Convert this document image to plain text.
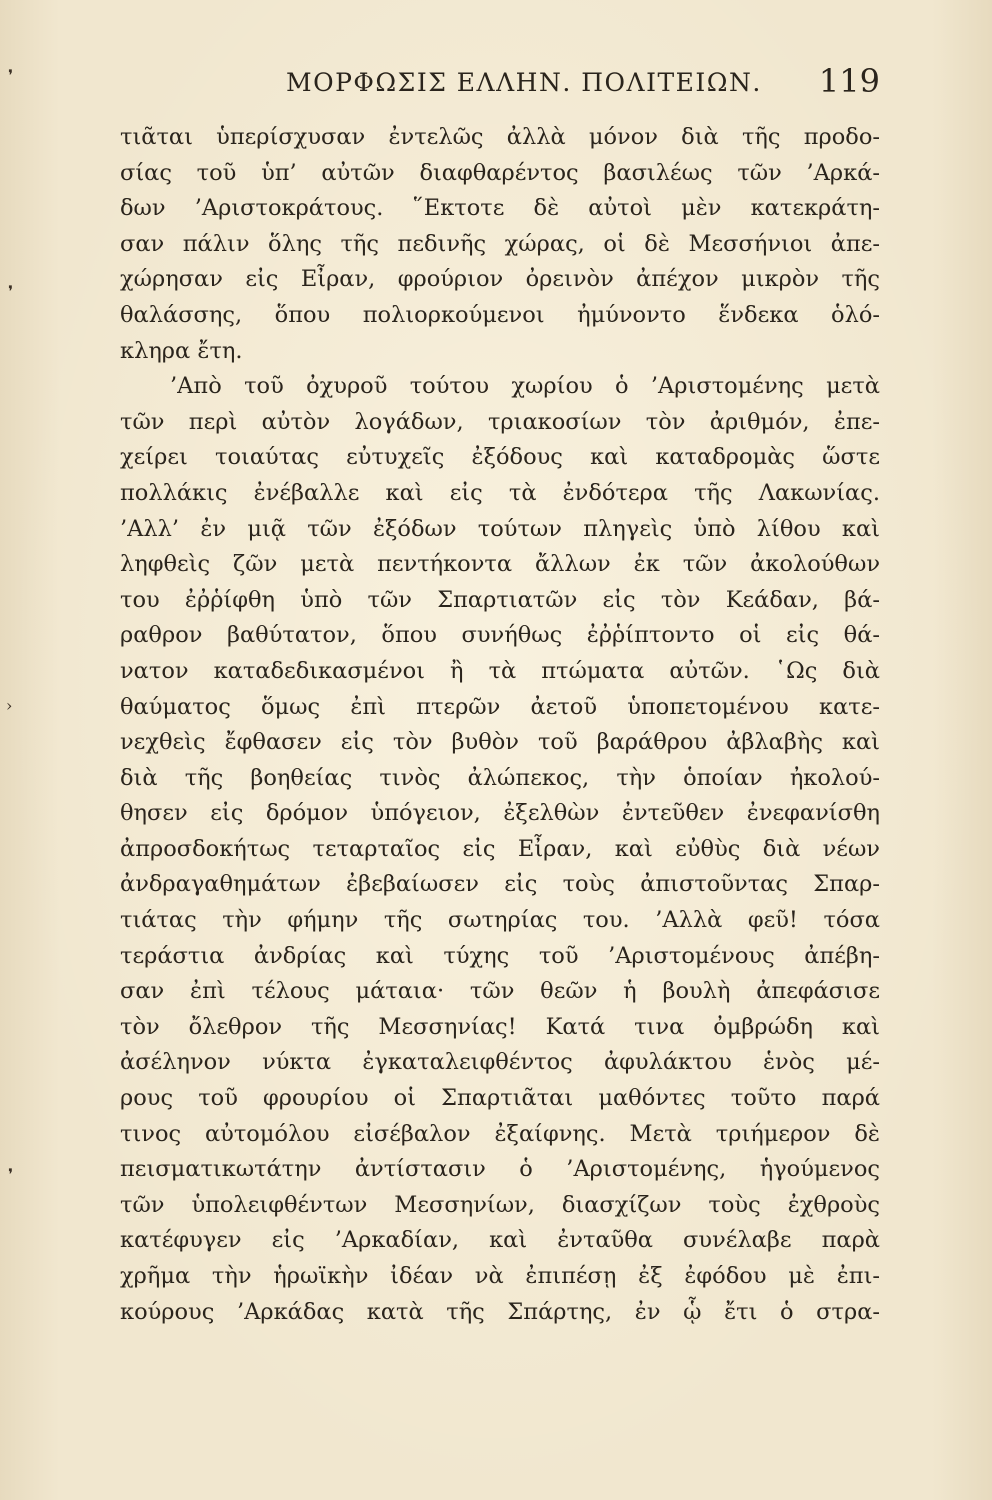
❜
❜
›
❜
ΜΟΡΦΩΣΙΣ ΕΛΛΗΝ. ΠΟΛΙΤΕΙΩΝ. 119
τιᾶται ὑπερίσχυσαν ἐντελῶς ἀλλὰ μόνον διὰ τῆς προδο-
σίας τοῦ ὑπ’ αὐτῶν διαφθαρέντος βασιλέως τῶν ’Αρκά-
δων ’Αριστοκράτους. ῞Εκτοτε δὲ αὐτοὶ μὲν κατεκράτη-
σαν πάλιν ὅλης τῆς πεδινῆς χώρας, οἱ δὲ Μεσσήνιοι ἀπε-
χώρησαν εἰς Εἶραν, φρούριον ὀρεινὸν ἀπέχον μικρὸν τῆς
θαλάσσης, ὅπου πολιορκούμενοι ἠμύνοντο ἕνδεκα ὁλό-
κληρα ἔτη.
’Απὸ τοῦ ὀχυροῦ τούτου χωρίου ὁ ’Αριστομένης μετὰ
τῶν περὶ αὐτὸν λογάδων, τριακοσίων τὸν ἀριθμόν, ἐπε-
χείρει τοιαύτας εὐτυχεῖς ἐξόδους καὶ καταδρομὰς ὥστε
πολλάκις ἐνέβαλλε καὶ εἰς τὰ ἐνδότερα τῆς Λακωνίας.
’Αλλ’ ἐν μιᾷ τῶν ἐξόδων τούτων πληγεὶς ὑπὸ λίθου καὶ
ληφθεὶς ζῶν μετὰ πεντήκοντα ἄλλων ἐκ τῶν ἀκολούθων
του ἐῤῥίφθη ὑπὸ τῶν Σπαρτιατῶν εἰς τὸν Κεάδαν, βά-
ραθρον βαθύτατον, ὅπου συνήθως ἐῤῥίπτοντο οἱ εἰς θά-
νατον καταδεδικασμένοι ἢ τὰ πτώματα αὐτῶν. ῾Ως διὰ
θαύματος ὅμως ἐπὶ πτερῶν ἀετοῦ ὑποπετομένου κατε-
νεχθεὶς ἔφθασεν εἰς τὸν βυθὸν τοῦ βαράθρου ἀβλαβὴς καὶ
διὰ τῆς βοηθείας τινὸς ἀλώπεκος, τὴν ὁποίαν ἠκολού-
θησεν εἰς δρόμον ὑπόγειον, ἐξελθὼν ἐντεῦθεν ἐνεφανίσθη
ἀπροσδοκήτως τεταρταῖος εἰς Εἶραν, καὶ εὐθὺς διὰ νέων
ἀνδραγαθημάτων ἐβεβαίωσεν εἰς τοὺς ἀπιστοῦντας Σπαρ-
τιάτας τὴν φήμην τῆς σωτηρίας του. ’Αλλὰ φεῦ! τόσα
τεράστια ἀνδρίας καὶ τύχης τοῦ ’Αριστομένους ἀπέβη-
σαν ἐπὶ τέλους μάταια· τῶν θεῶν ἡ βουλὴ ἀπεφάσισε
τὸν ὄλεθρον τῆς Μεσσηνίας! Κατά τινα ὀμβρώδη καὶ
ἀσέληνον νύκτα ἐγκαταλειφθέντος ἀφυλάκτου ἑνὸς μέ-
ρους τοῦ φρουρίου οἱ Σπαρτιᾶται μαθόντες τοῦτο παρά
τινος αὐτομόλου εἰσέβαλον ἐξαίφνης. Μετὰ τριήμερον δὲ
πεισματικωτάτην ἀντίστασιν ὁ ’Αριστομένης, ἡγούμενος
τῶν ὑπολειφθέντων Μεσσηνίων, διασχίζων τοὺς ἐχθροὺς
κατέφυγεν εἰς ’Αρκαδίαν, καὶ ἐνταῦθα συνέλαβε παρὰ
χρῆμα τὴν ἡρωϊκὴν ἰδέαν νὰ ἐπιπέσῃ ἐξ ἐφόδου μὲ ἐπι-
κούρους ’Αρκάδας κατὰ τῆς Σπάρτης, ἐν ᾧ ἔτι ὁ στρα-
